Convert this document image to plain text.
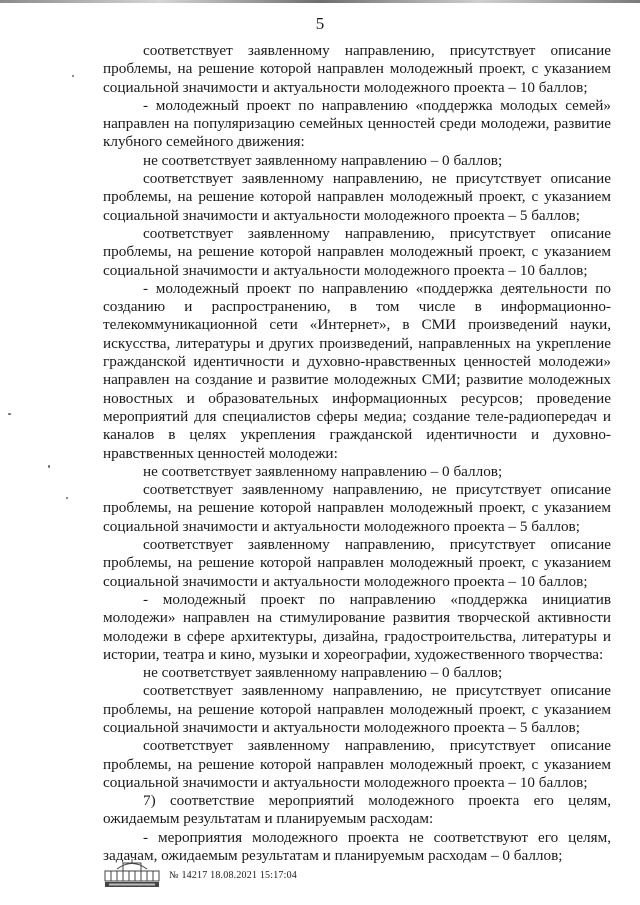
5

соответствует заявленному направлению, присутствует описание проблемы, на решение которой направлен молодежный проект, с указанием социальной значимости и актуальности молодежного проекта – 10 баллов;

- молодежный проект по направлению «поддержка молодых семей» направлен на популяризацию семейных ценностей среди молодежи, развитие клубного семейного движения:

не соответствует заявленному направлению – 0 баллов;

соответствует заявленному направлению, не присутствует описание проблемы, на решение которой направлен молодежный проект, с указанием социальной значимости и актуальности молодежного проекта – 5 баллов;

соответствует заявленному направлению, присутствует описание проблемы, на решение которой направлен молодежный проект, с указанием социальной значимости и актуальности молодежного проекта – 10 баллов;

- молодежный проект по направлению «поддержка деятельности по созданию и распространению, в том числе в информационно-телекоммуникационной сети «Интернет», в СМИ произведений науки, искусства, литературы и других произведений, направленных на укрепление гражданской идентичности и духовно-нравственных ценностей молодежи» направлен на создание и развитие молодежных СМИ; развитие молодежных новостных и образовательных информационных ресурсов; проведение мероприятий для специалистов сферы медиа; создание теле-радиопередач и каналов в целях укрепления гражданской идентичности и духовно-нравственных ценностей молодежи:

не соответствует заявленному направлению – 0 баллов;

соответствует заявленному направлению, не присутствует описание проблемы, на решение которой направлен молодежный проект, с указанием социальной значимости и актуальности молодежного проекта – 5 баллов;

соответствует заявленному направлению, присутствует описание проблемы, на решение которой направлен молодежный проект, с указанием социальной значимости и актуальности молодежного проекта – 10 баллов;

- молодежный проект по направлению «поддержка инициатив молодежи» направлен на стимулирование развития творческой активности молодежи в сфере архитектуры, дизайна, градостроительства, литературы и истории, театра и кино, музыки и хореографии, художественного творчества:

не соответствует заявленному направлению – 0 баллов;

соответствует заявленному направлению, не присутствует описание проблемы, на решение которой направлен молодежный проект, с указанием социальной значимости и актуальности молодежного проекта – 5 баллов;

соответствует заявленному направлению, присутствует описание проблемы, на решение которой направлен молодежный проект, с указанием социальной значимости и актуальности молодежного проекта – 10 баллов;

7) соответствие мероприятий молодежного проекта его целям, ожидаемым результатам и планируемым расходам:

- мероприятия молодежного проекта не соответствуют его целям, задачам, ожидаемым результатам и планируемым расходам – 0 баллов;

№ 14217 18.08.2021 15:17:04
